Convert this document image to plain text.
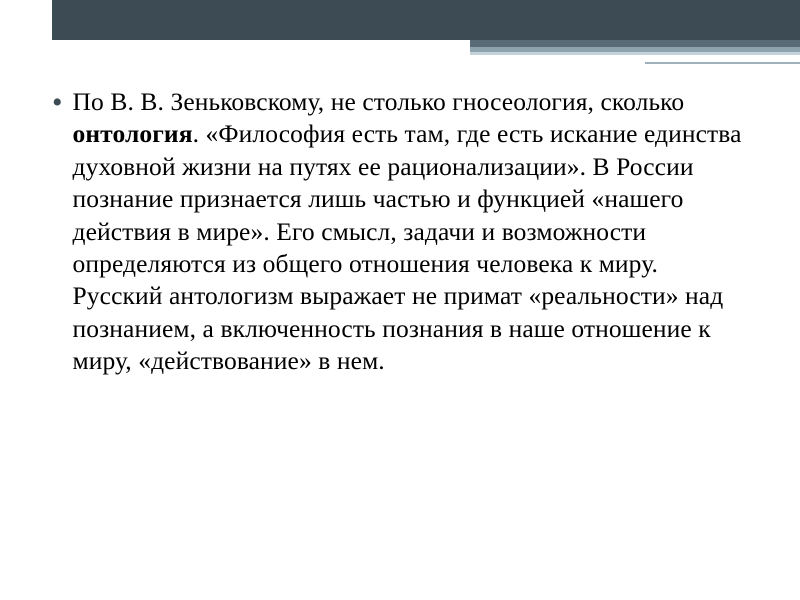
• По В. В. Зеньковскому, не столько гносеология, сколько онтология. «Философия есть там, где есть искание единства духовной жизни на путях ее рационализации». В России познание признается лишь частью и функцией «нашего действия в мире». Его смысл, задачи и возможности определяются из общего отношения человека к миру. Русский антологизм выражает не примат «реальности» над познанием, а включенность познания в наше отношение к миру, «действование» в нем.
